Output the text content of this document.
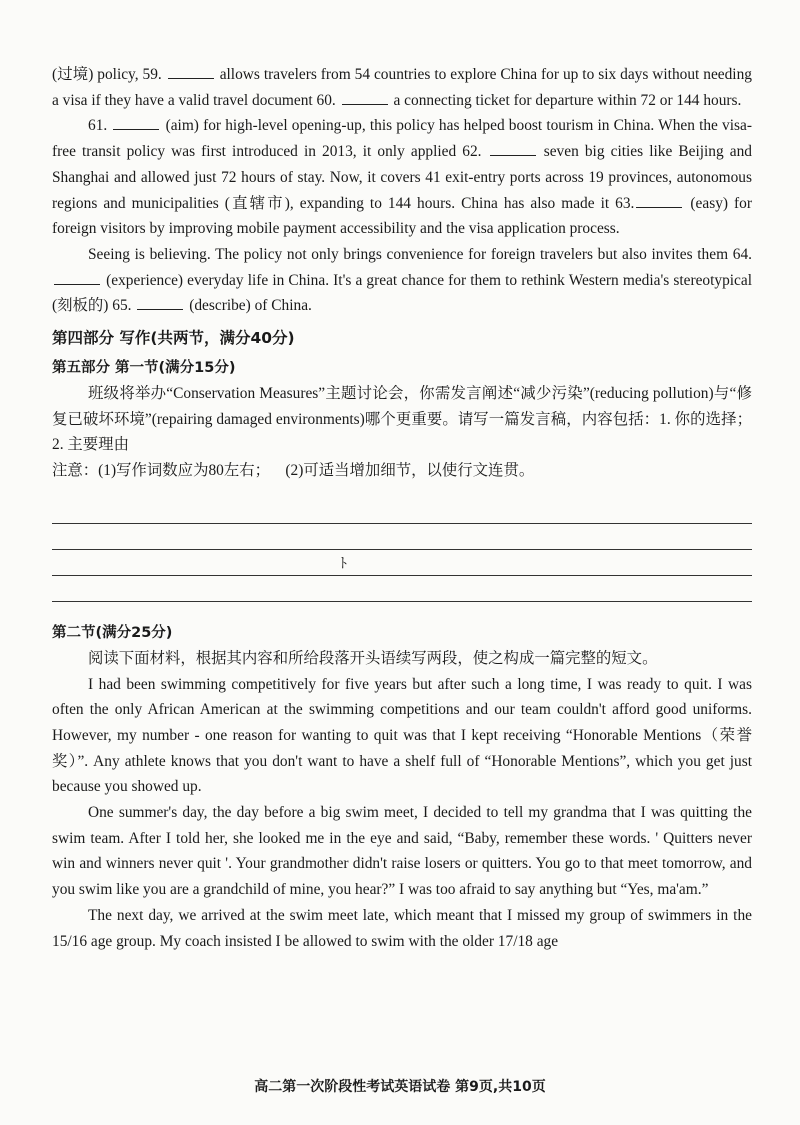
(过境) policy, 59.	allows travelers from 54 countries to explore China for up to six days without needing a visa if they have a valid travel document 60.	a connecting ticket for departure within 72 or 144 hours.

61.	(aim) for high-level opening-up, this policy has helped boost tourism in China. When the visa-free transit policy was first introduced in 2013, it only applied 62.	seven big cities like Beijing and Shanghai and allowed just 72 hours of stay. Now, it covers 41 exit-entry ports across 19 provinces, autonomous regions and municipalities (直辖市), expanding to 144 hours. China has also made it 63.	(easy) for foreign visitors by improving mobile payment accessibility and the visa application process.

Seeing is believing. The policy not only brings convenience for foreign travelers but also invites them 64.  (experience) everyday life in China. It's a great chance for them to rethink Western media's stereotypical (刻板的) 65.	(describe) of China.

第四部分 写作(共两节，满分40分)
第五部分 第一节(满分15分)

班级将举办“Conservation Measures”主题讨论会，你需发言阐述“减少污染”(reducing pollution)与“修复已破坏环境”(repairing damaged environments)哪个更重要。请写一篇发言稿，内容包括：1. 你的选择；2. 主要理由

注意：(1)写作词数应为80左右；    (2)可适当增加细节，以使行文连贯。

ﾄ
第二节(满分25分)

阅读下面材料，根据其内容和所给段落开头语续写两段，使之构成一篇完整的短文。

I had been swimming competitively for five years but after such a long time, I was ready to quit. I was often the only African American at the swimming competitions and our team couldn't afford good uniforms. However, my number - one reason for wanting to quit was that I kept receiving “Honorable Mentions（荣誉奖）”. Any athlete knows that you don't want to have a shelf full of “Honorable Mentions”, which you get just because you showed up.

One summer's day, the day before a big swim meet, I decided to tell my grandma that I was quitting the swim team. After I told her, she looked me in the eye and said, “Baby, remember these words. ' Quitters never win and winners never quit '. Your grandmother didn't raise losers or quitters. You go to that meet tomorrow, and you swim like you are a grandchild of mine, you hear?” I was too afraid to say anything but “Yes, ma'am.”

The next day, we arrived at the swim meet late, which meant that I missed my group of swimmers in the 15/16 age group. My coach insisted I be allowed to swim with the older 17/18 age

高二第一次阶段性考试英语试卷 第9页,共10页
